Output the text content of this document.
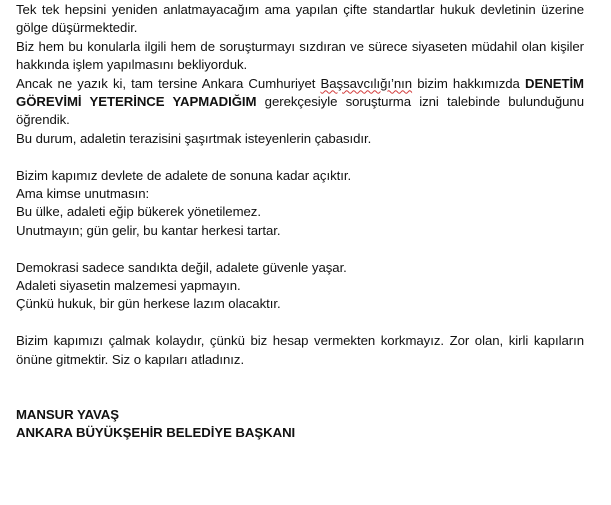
Tek tek hepsini yeniden anlatmayacağım ama yapılan çifte standartlar hukuk devletinin üzerine gölge düşürmektedir.

Biz hem bu konularla ilgili hem de soruşturmayı sızdıran ve sürece siyaseten müdahil olan kişiler hakkında işlem yapılmasını bekliyorduk.

Ancak ne yazık ki, tam tersine Ankara Cumhuriyet Başsavcılığı’nın bizim hakkımızda DENETİM GÖREVİMİ YETERİNCE YAPMADIĞIM gerekçesiyle soruşturma izni talebinde bulunduğunu öğrendik.

Bu durum, adaletin terazisini şaşırtmak isteyenlerin çabasıdır.

Bizim kapımız devlete de adalete de sonuna kadar açıktır.

Ama kimse unutmasın:

Bu ülke, adaleti eğip bükerek yönetilemez.

Unutmayın; gün gelir, bu kantar herkesi tartar.

Demokrasi sadece sandıkta değil, adalete güvenle yaşar.

Adaleti siyasetin malzemesi yapmayın.

Çünkü hukuk, bir gün herkese lazım olacaktır.

Bizim kapımızı çalmak kolaydır, çünkü biz hesap vermekten korkmayız. Zor olan, kirli kapıların önüne gitmektir. Siz o kapıları atladınız.

MANSUR YAVAŞ

ANKARA BÜYÜKŞEHİR BELEDİYE BAŞKANI
